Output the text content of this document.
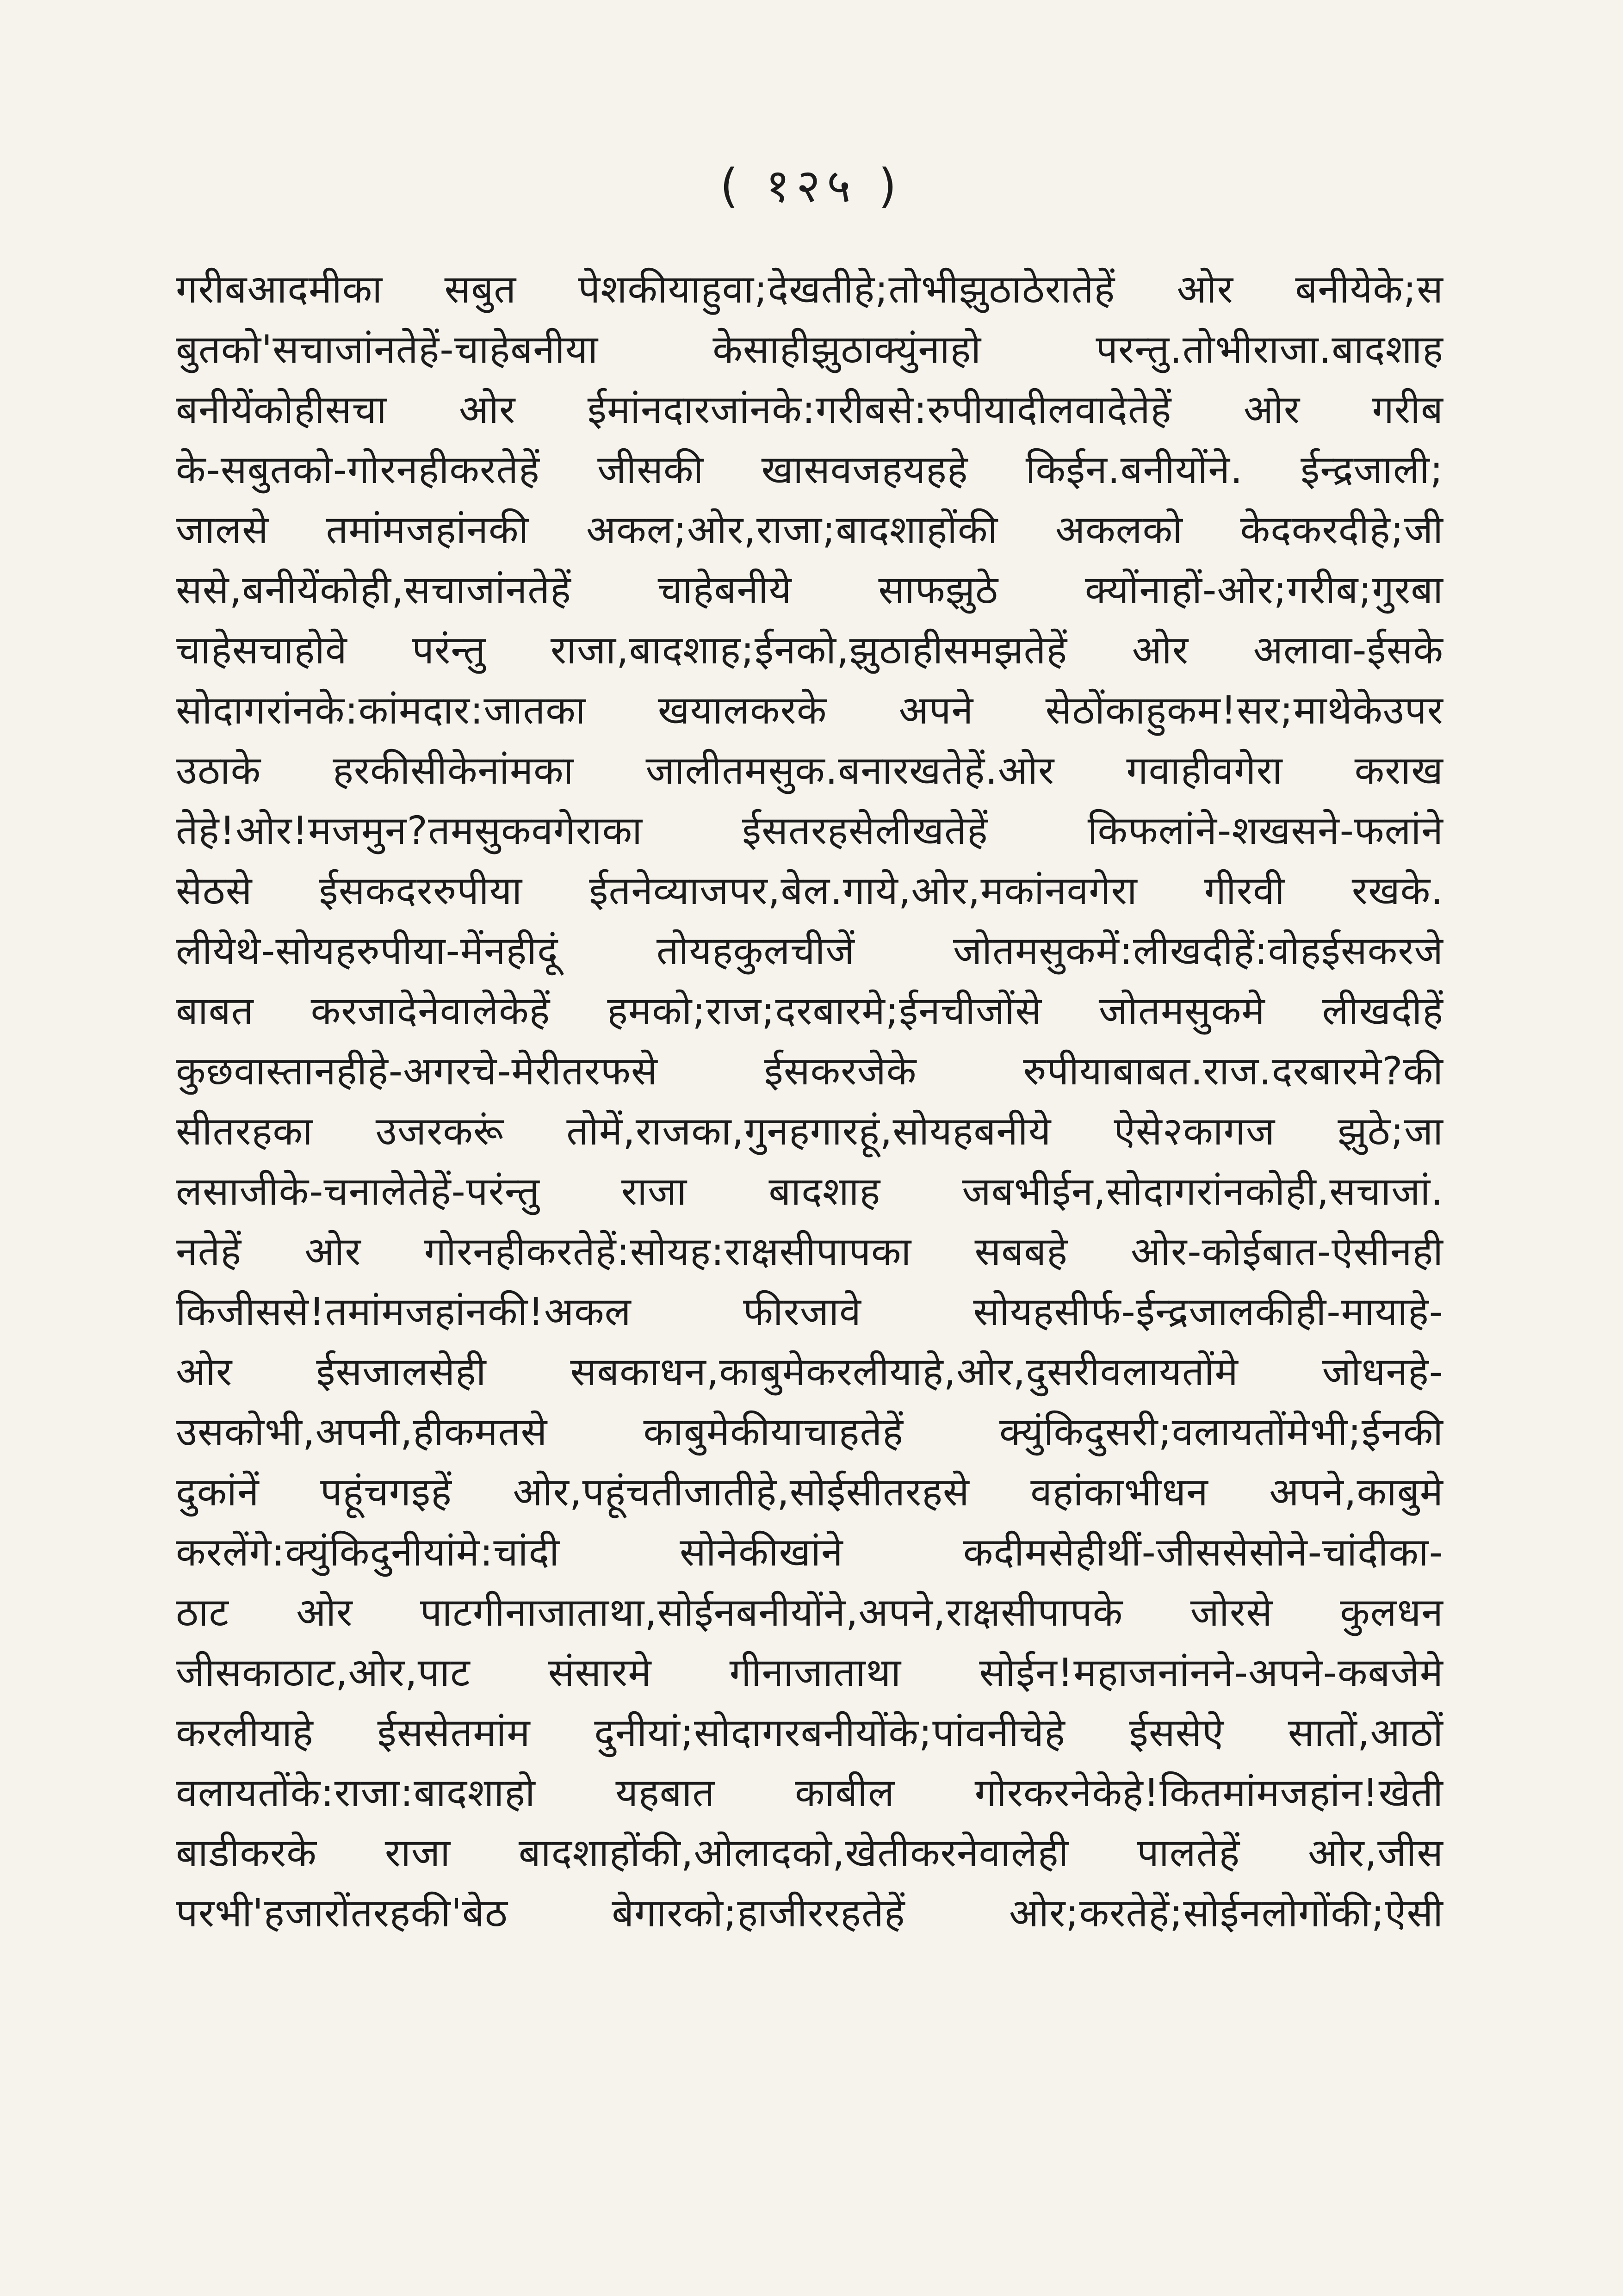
( १२५ )
गरीबआदमीका सबुत पेशकीयाहुवा;देखतीहे;तोभीझुठाठेरातेहें ओर बनीयेके;स
बुतको'सचाजांनतेहें-चाहेबनीया केसाहीझुठाक्युंनाहो परन्तु.तोभीराजा.बादशाह
बनीयेंकोहीसचा ओर ईमांनदारजांनके:गरीबसे:रुपीयादीलवादेतेहें ओर गरीब
के-सबुतको-गोरनहीकरतेहें जीसकी खासवजहयहहे किईन.बनीयोंने. ईन्द्रजाली;
जालसे तमांमजहांनकी अकल;ओर,राजा;बादशाहोंकी अकलको केदकरदीहे;जी
ससे,बनीयेंकोही,सचाजांनतेहें चाहेबनीये साफझुठे क्योंनाहों-ओर;गरीब;गुरबा
चाहेसचाहोवे परंन्तु राजा,बादशाह;ईनको,झुठाहीसमझतेहें ओर अलावा-ईसके
सोदागरांनके:कांमदार:जातका खयालकरके अपने सेठोंकाहुकम!सर;माथेकेउपर
उठाके हरकीसीकेनांमका जालीतमसुक.बनारखतेहें.ओर गवाहीवगेरा कराख
तेहे!ओर!मजमुन?तमसुकवगेराका ईसतरहसेलीखतेहें किफलांने-शखसने-फलांने
सेठसे ईसकदररुपीया ईतनेव्याजपर,बेल.गाये,ओर,मकांनवगेरा गीरवी रखके.
लीयेथे-सोयहरुपीया-मेंनहीदूं तोयहकुलचीजें जोतमसुकमें:लीखदीहें:वोहईसकरजे
बाबत करजादेनेवालेकेहें हमको;राज;दरबारमे;ईनचीजोंसे जोतमसुकमे लीखदीहें
कुछवास्तानहीहे-अगरचे-मेरीतरफसे ईसकरजेके रुपीयाबाबत.राज.दरबारमे?की
सीतरहका उजरकरूं तोमें,राजका,गुनहगारहूं,सोयहबनीये ऐसे२कागज झुठे;जा
लसाजीके-चनालेतेहें-परंन्तु राजा बादशाह जबभीईन,सोदागरांनकोही,सचाजां.
नतेहें ओर गोरनहीकरतेहें:सोयह:राक्षसीपापका सबबहे ओर-कोईबात-ऐसीनही
किजीससे!तमांमजहांनकी!अकल फीरजावे सोयहसीर्फ-ईन्द्रजालकीही-मायाहे-
ओर ईसजालसेही सबकाधन,काबुमेकरलीयाहे,ओर,दुसरीवलायतोंमे जोधनहे-
उसकोभी,अपनी,हीकमतसे काबुमेकीयाचाहतेहें क्युंकिदुसरी;वलायतोंमेभी;ईनकी
दुकांनें पहूंचगइहें ओर,पहूंचतीजातीहे,सोईसीतरहसे वहांकाभीधन अपने,काबुमे
करलेंगे:क्युंकिदुनीयांमे:चांदी सोनेकीखांने कदीमसेहीथीं-जीससेसोने-चांदीका-
ठाट ओर पाटगीनाजाताथा,सोईनबनीयोंने,अपने,राक्षसीपापके जोरसे कुलधन
जीसकाठाट,ओर,पाट संसारमे गीनाजाताथा सोईन!महाजनांनने-अपने-कबजेमे
करलीयाहे ईससेतमांम दुनीयां;सोदागरबनीयोंके;पांवनीचेहे ईससेऐ सातों,आठों
वलायतोंके:राजा:बादशाहो यहबात काबील गोरकरनेकेहे!कितमांमजहांन!खेती
बाडीकरके राजा बादशाहोंकी,ओलादको,खेतीकरनेवालेही पालतेहें ओर,जीस
परभी'हजारोंतरहकी'बेठ बेगारको;हाजीररहतेहें ओर;करतेहें;सोईनलोगोंकी;ऐसी
